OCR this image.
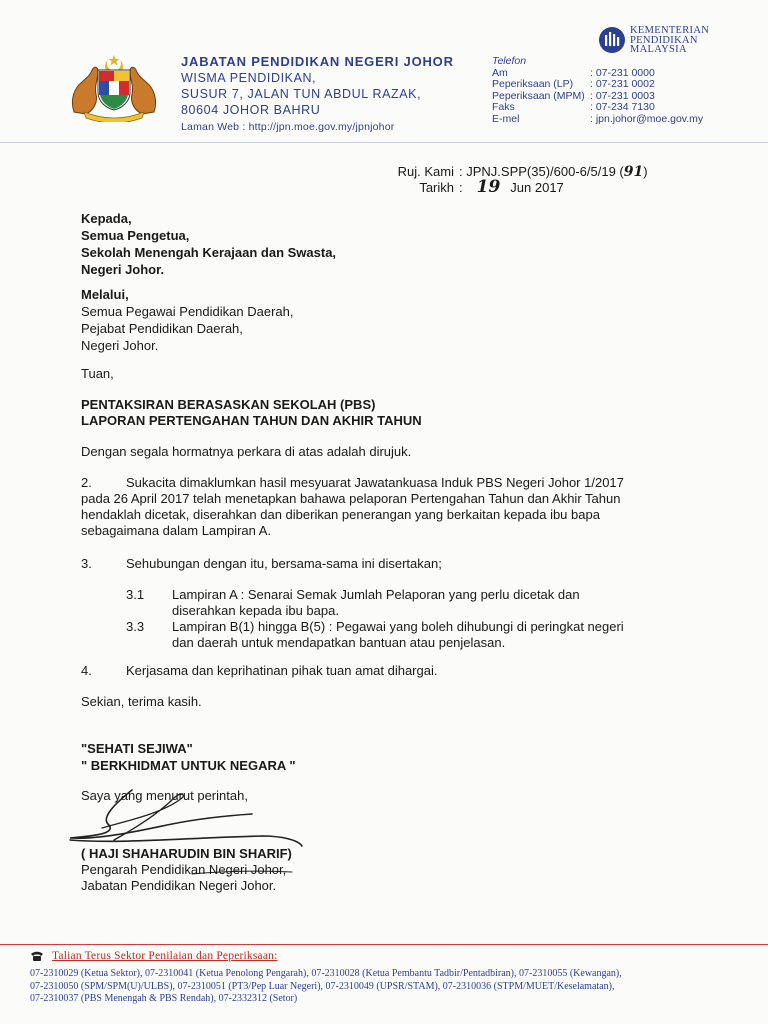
JABATAN PENDIDIKAN NEGERI JOHOR
WISMA PENDIDIKAN,
SUSUR 7, JALAN TUN ABDUL RAZAK,
80604 JOHOR BAHRU
Laman Web : http://jpn.moe.gov.my/jpnjohor
KEMENTERIAN
PENDIDIKAN
MALAYSIA
Telefon
Am	: 07-231 0000
Peperiksaan (LP)	: 07-231 0002
Peperiksaan (MPM) : 07-231 0003
Faks	: 07-234 7130
E-mel	: jpn.johor@moe.gov.my
Ruj. Kami : JPNJ.SPP(35)/600-6/5/19 ( 91 )
Tarikh : 19 Jun 2017
Kepada,
Semua Pengetua,
Sekolah Menengah Kerajaan dan Swasta,
Negeri Johor.
Melalui,
Semua Pegawai Pendidikan Daerah,
Pejabat Pendidikan Daerah,
Negeri Johor.
Tuan,
PENTAKSIRAN BERASASKAN SEKOLAH (PBS)
LAPORAN PERTENGAHAN TAHUN DAN AKHIR TAHUN
Dengan segala hormatnya perkara di atas adalah dirujuk.
2.	Sukacita dimaklumkan hasil mesyuarat Jawatankuasa Induk PBS Negeri Johor 1/2017
pada 26 April 2017 telah menetapkan bahawa pelaporan Pertengahan Tahun dan Akhir Tahun
hendaklah dicetak, diserahkan dan diberikan penerangan yang berkaitan kepada ibu bapa
sebagaimana dalam Lampiran A.
3.	Sehubungan dengan itu, bersama-sama ini disertakan;
3.1 Lampiran A : Senarai Semak Jumlah Pelaporan yang perlu dicetak dan
diserahkan kepada ibu bapa.
3.3 Lampiran B(1) hingga B(5) : Pegawai yang boleh dihubungi di peringkat negeri
dan daerah untuk mendapatkan bantuan atau penjelasan.
4.	Kerjasama dan keprihatinan pihak tuan amat dihargai.
Sekian, terima kasih.
"SEHATI SEJIWA"
" BERKHIDMAT UNTUK NEGARA "
Saya yang menurut perintah,
( HAJI SHAHARUDIN BIN SHARIF)
Pengarah Pendidikan Negeri Johor,
Jabatan Pendidikan Negeri Johor.
Talian Terus Sektor Penilaian dan Peperiksaan:
07-2310029 (Ketua Sektor), 07-2310041 (Ketua Penolong Pengarah), 07-2310028 (Ketua Pembantu Tadbir/Pentadbiran), 07-2310055 (Kewangan),
07-2310050 (SPM/SPM(U)/ULBS), 07-2310051 (PT3/Pep Luar Negeri), 07-2310049 (UPSR/STAM), 07-2310036 (STPM/MUET/Keselamatan),
07-2310037 (PBS Menengah & PBS Rendah), 07-2332312 (Setor)
